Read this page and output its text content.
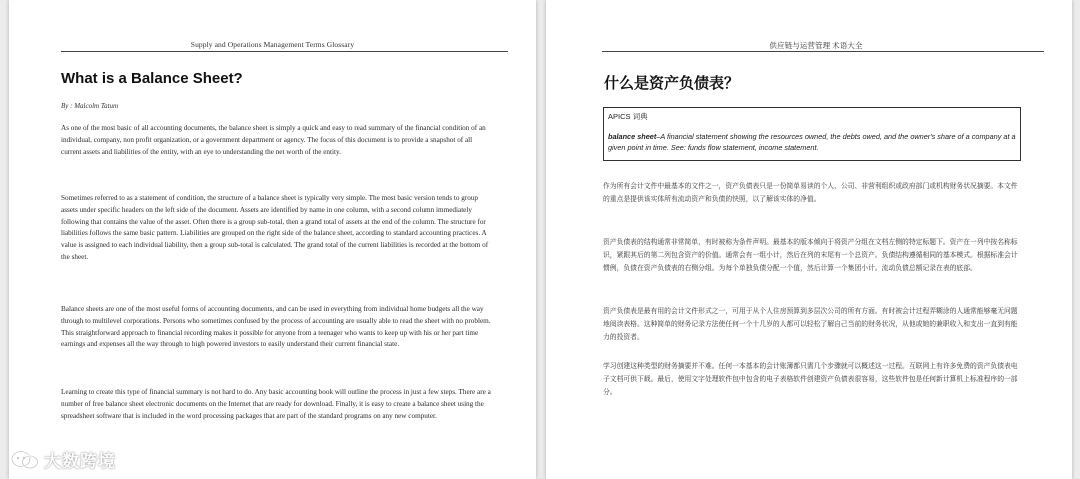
Supply and Operations Management Terms Glossary
What is a Balance Sheet?
By : Malcolm Tatum

As one of the most basic of all accounting documents, the balance sheet is simply a quick and easy to read summary of the financial condition of an individual, company, non profit organization, or a government department or agency. The focus of this document is to provide a snapshot of all current assets and liabilities of the entity, with an eye to understanding the net worth of the entity.

Sometimes referred to as a statement of condition, the structure of a balance sheet is typically very simple. The most basic version tends to group assets under specific headers on the left side of the document. Assets are identified by name in one column, with a second column immediately following that contains the value of the asset. Often there is a group sub-total, then a grand total of assets at the end of the column. The structure for liabilities follows the same basic pattern. Liabilities are grouped on the right side of the balance sheet, according to standard accounting practices. A value is assigned to each individual liability, then a group sub-total is calculated. The grand total of the current liabilities is recorded at the bottom of the sheet.

Balance sheets are one of the most useful forms of accounting documents, and can be used in everything from individual home budgets all the way through to multilevel corporations. Persons who sometimes confused by the process of accounting are usually able to read the sheet with no problem. This straightforward approach to financial recording makes it possible for anyone from a teenager who wants to keep up with his or her part time earnings and expenses all the way through to high powered investors to easily understand their current financial state.

Learning to create this type of financial summary is not hard to do. Any basic accounting book will outline the process in just a few steps. There are a number of free balance sheet electronic documents on the Internet that are ready for download. Finally, it is easy to create a balance sheet using the spreadsheet software that is included in the word processing packages that are part of the standard programs on any new computer.

供应链与运营管理 术语大全
什么是资产负债表？
APICS 词典
balance sheet–A financial statement showing the resources owned, the debts owed, and the owner's share of a company at a given point in time. See: funds flow statement, income statement.

作为所有会计文件中最基本的文件之一，资产负债表只是一份简单易读的个人、公司、非营利组织或政府部门或机构财务状况摘要。本文件的重点是提供该实体所有流动资产和负债的快照，以了解该实体的净值。

资产负债表的结构通常非常简单，有时被称为条件声明。最基本的版本倾向于将资产分组在文档左侧的特定标题下。资产在一列中按名称标识，紧跟其后的第二列包含资产的价值。通常会有一组小计，然后在列的末尾有一个总资产。负债结构遵循相同的基本模式。根据标准会计惯例，负债在资产负债表的右侧分组。为每个单独负债分配一个值，然后计算一个集团小计。流动负债总额记录在表的底部。

资产负债表是最有用的会计文件形式之一，可用于从个人住房预算到多层次公司的所有方面。有时被会计过程弄糊涂的人通常能够毫无问题地阅读表格。这种简单的财务记录方法使任何一个十几岁的人都可以轻松了解自己当前的财务状况，从他或她的兼职收入和支出一直到有能力的投资者。

学习创建这种类型的财务摘要并不难。任何一本基本的会计账簿都只需几个步骤就可以概述这一过程。互联网上有许多免费的资产负债表电子文档可供下载。最后，使用文字处理软件包中包含的电子表格软件创建资产负债表很容易，这些软件包是任何新计算机上标准程序的一部分。

大数跨境
